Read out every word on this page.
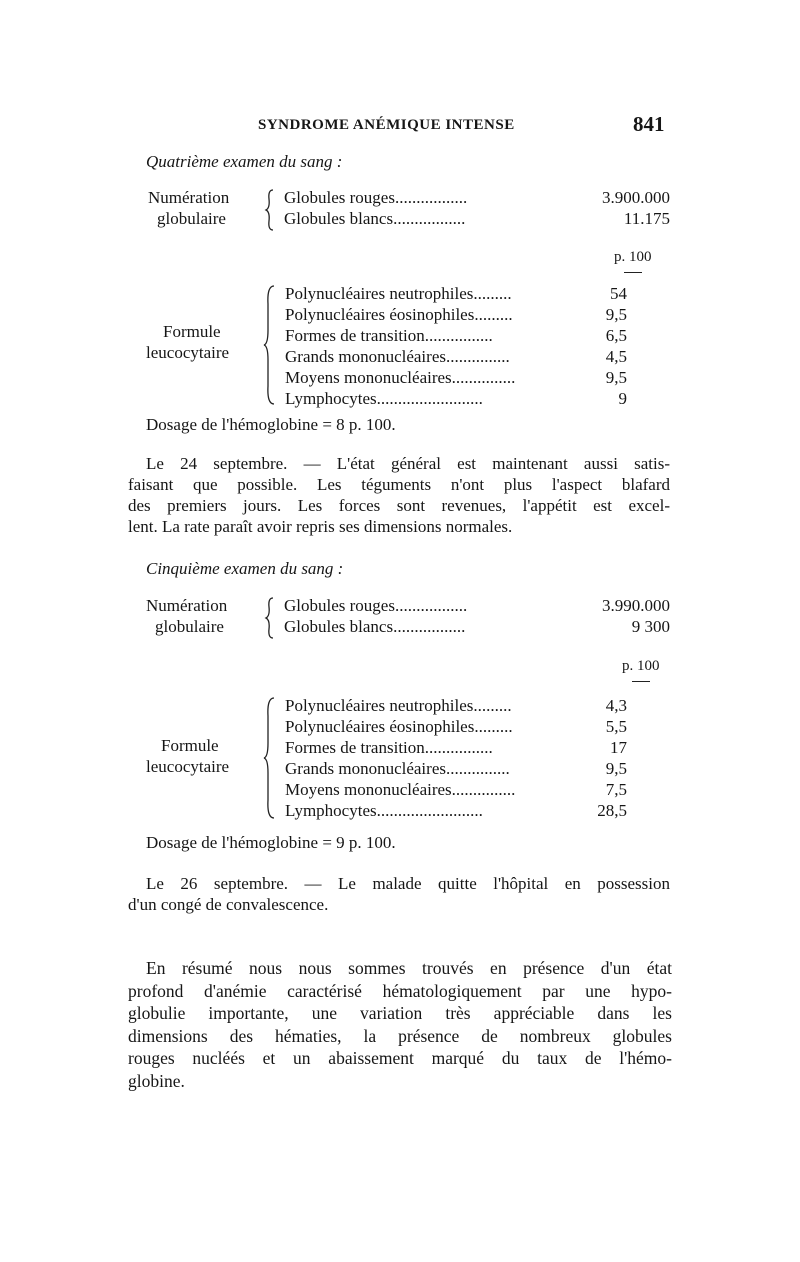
SYNDROME ANÉMIQUE INTENSE	841
Quatrième examen du sang :
Numération
globulaire
Globules rouges.................	3.900.000
Globules blancs.................	11.175
p. 100
Formule
leucocytaire
Polynucléaires neutrophiles.........	54
Polynucléaires éosinophiles.........	9,5
Formes de transition................	6,5
Grands mononucléaires...............	4,5
Moyens mononucléaires...............	9,5
Lymphocytes.........................	9
Dosage de l'hémoglobine = 8 p. 100.

Le 24 septembre. — L'état général est maintenant aussi satis-
faisant que possible. Les téguments n'ont plus l'aspect blafard
des premiers jours. Les forces sont revenues, l'appétit est excel-
lent. La rate paraît avoir repris ses dimensions normales.

Cinquième examen du sang :
Numération
globulaire
Globules rouges.................	3.990.000
Globules blancs.................	9 300
p. 100
Formule
leucocytaire
Polynucléaires neutrophiles.........	4,3
Polynucléaires éosinophiles.........	5,5
Formes de transition................	17
Grands mononucléaires...............	9,5
Moyens mononucléaires...............	7,5
Lymphocytes.........................	28,5
Dosage de l'hémoglobine = 9 p. 100.

Le 26 septembre. — Le malade quitte l'hôpital en possession
d'un congé de convalescence.

En résumé nous nous sommes trouvés en présence d'un état
profond d'anémie caractérisé hématologiquement par une hypo-
globulie importante, une variation très appréciable dans les
dimensions des hématies, la présence de nombreux globules
rouges nucléés et un abaissement marqué du taux de l'hémo-
globine.
